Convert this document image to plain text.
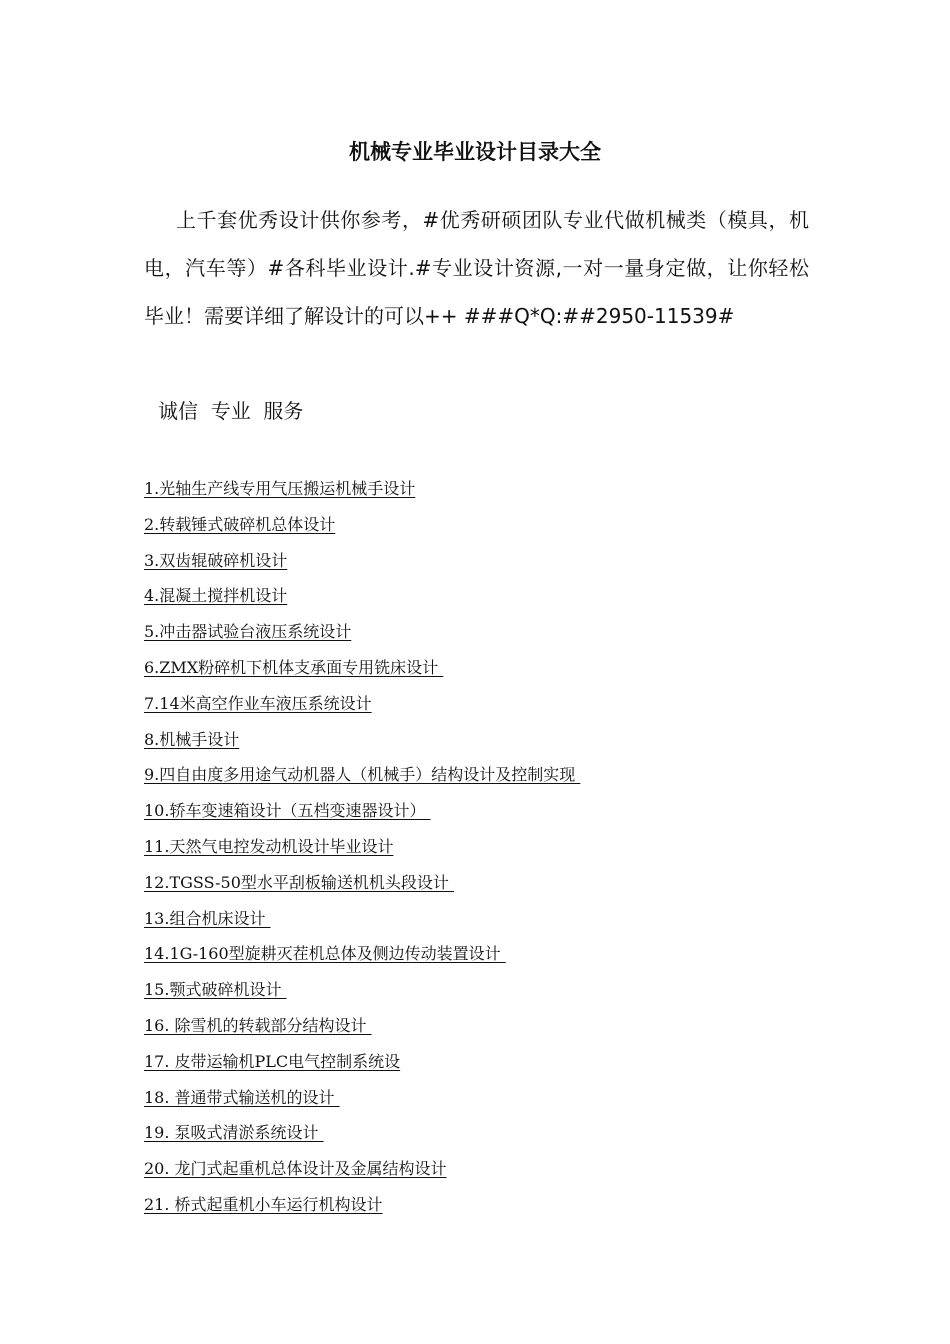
机械专业毕业设计目录大全

上千套优秀设计供你参考，#优秀研硕团队专业代做机械类（模具，机电，汽车等）#各科毕业设计.#专业设计资源,一对一量身定做，让你轻松毕业！需要详细了解设计的可以++ ###Q*Q:##2950-11539#

诚信  专业  服务

1.光轴生产线专用气压搬运机械手设计
2.转载锤式破碎机总体设计
3.双齿辊破碎机设计
4.混凝土搅拌机设计
5.冲击器试验台液压系统设计
6.ZMX粉碎机下机体支承面专用铣床设计
7.14米高空作业车液压系统设计
8.机械手设计
9.四自由度多用途气动机器人（机械手）结构设计及控制实现
10.轿车变速箱设计（五档变速器设计）
11.天然气电控发动机设计毕业设计
12.TGSS-50型水平刮板输送机机头段设计
13.组合机床设计
14.1G-160型旋耕灭茬机总体及侧边传动装置设计
15.颚式破碎机设计
16. 除雪机的转载部分结构设计
17. 皮带运输机PLC电气控制系统设
18. 普通带式输送机的设计
19. 泵吸式清淤系统设计
20. 龙门式起重机总体设计及金属结构设计
21. 桥式起重机小车运行机构设计
